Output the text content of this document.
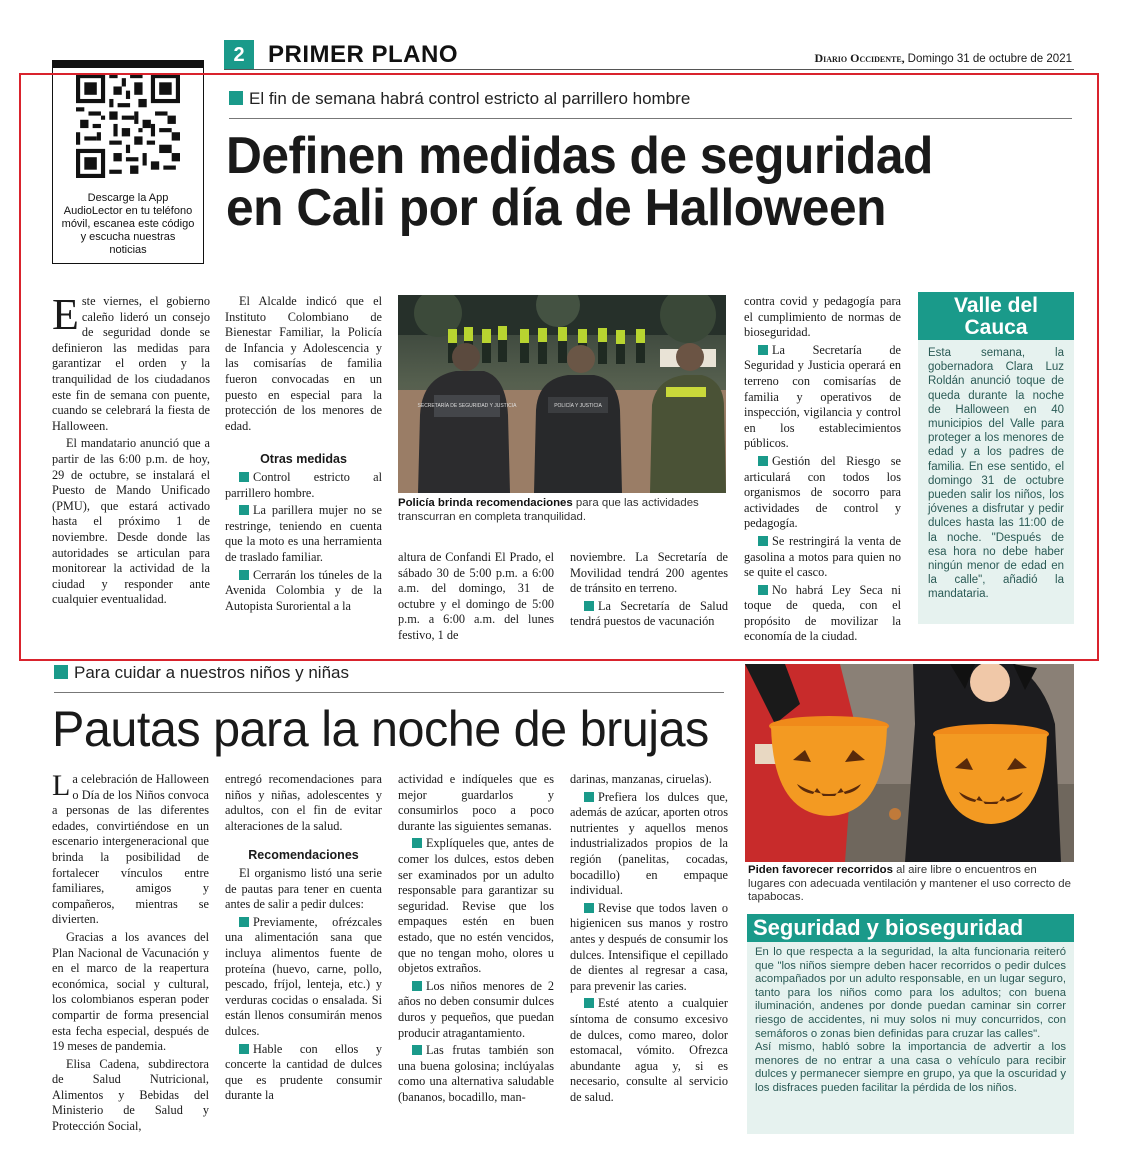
2 PRIMER PLANO	Diario Occidente, Domingo 31 de octubre de 2021
Descarge la App AudioLector en tu teléfono móvil, escanea este código y escucha nuestras noticias
El fin de semana habrá control estricto al parrillero hombre
Definen medidas de seguridad
en Cali por día de Halloween

Este viernes, el gobierno caleño lideró un consejo de seguridad donde se definieron las medidas para garantizar el orden y la tranquilidad de los ciudadanos este fin de semana con puente, cuando se celebrará la fiesta de Halloween.

El mandatario anunció que a partir de las 6:00 p.m. de hoy, 29 de octubre, se instalará el Puesto de Mando Unificado (PMU), que estará activado hasta el próximo 1 de noviembre. Desde donde las autoridades se articulan para monitorear la actividad de la ciudad y responder ante cualquier eventualidad.

El Alcalde indicó que el Instituto Colombiano de Bienestar Familiar, la Policía de Infancia y Adolescencia y las comisarías de familia fueron convocadas en un puesto en especial para la protección de los menores de edad.

Otras medidas

Control estricto al parrillero hombre.

La parillera mujer no se restringe, teniendo en cuenta que la moto es una herramienta de traslado familiar.

Cerrarán los túneles de la Avenida Colombia y de la Autopista Suroriental a la

SECRETARÍA DE SEGURIDAD Y JUSTICIA	POLICÍA Y JUSTICIA
Policía brinda recomendaciones para que las actividades transcurran en completa tranquilidad.

altura de Confandi El Prado, el sábado 30 de 5:00 p.m. a 6:00 a.m. del domingo, 31 de octubre y el domingo de 5:00 p.m. a 6:00 a.m. del lunes festivo, 1 de

noviembre. La Secretaría de Movilidad tendrá 200 agentes de tránsito en terreno.

La Secretaría de Salud tendrá puestos de vacunación

contra covid y pedagogía para el cumplimiento de normas de bioseguridad.

La Secretaría de Seguridad y Justicia operará en terreno con comisarías de familia y operativos de inspección, vigilancia y control en los establecimientos públicos.

Gestión del Riesgo se articulará con todos los organismos de socorro para actividades de control y pedagogía.

Se restringirá la venta de gasolina a motos para quien no se quite el casco.

No habrá Ley Seca ni toque de queda, con el propósito de movilizar la economía de la ciudad.

Valle del
Cauca
Esta semana, la gobernadora Clara Luz Roldán anunció toque de queda durante la noche de Halloween en 40 municipios del Valle para proteger a los menores de edad y a los padres de familia. En ese sentido, el domingo 31 de octubre pueden salir los niños, los jóvenes a disfrutar y pedir dulces hasta las 11:00 de la noche. "Después de esa hora no debe haber ningún menor de edad en la calle", añadió la mandataria.
Para cuidar a nuestros niños y niñas
Pautas para la noche de brujas

La celebración de Halloween o Día de los Niños convoca a personas de las diferentes edades, convirtiéndose en un escenario intergeneracional que brinda la posibilidad de fortalecer vínculos entre familiares, amigos y compañeros, mientras se divierten.

Gracias a los avances del Plan Nacional de Vacunación y en el marco de la reapertura económica, social y cultural, los colombianos esperan poder compartir de forma presencial esta fecha especial, después de 19 meses de pandemia.

Elisa Cadena, subdirectora de Salud Nutricional, Alimentos y Bebidas del Ministerio de Salud y Protección Social,

entregó recomendaciones para niños y niñas, adolescentes y adultos, con el fin de evitar alteraciones de la salud.

Recomendaciones

El organismo listó una serie de pautas para tener en cuenta antes de salir a pedir dulces:

Previamente, ofrézcales una alimentación sana que incluya alimentos fuente de proteína (huevo, carne, pollo, pescado, fríjol, lenteja, etc.) y verduras cocidas o ensalada. Si están llenos consumirán menos dulces.

Hable con ellos y concerte la cantidad de dulces que es prudente consumir durante la

actividad e indíqueles que es mejor guardarlos y consumirlos poco a poco durante las siguientes semanas.

Explíqueles que, antes de comer los dulces, estos deben ser examinados por un adulto responsable para garantizar su seguridad. Revise que los empaques estén en buen estado, que no estén vencidos, que no tengan moho, olores u objetos extraños.

Los niños menores de 2 años no deben consumir dulces duros y pequeños, que puedan producir atragantamiento.

Las frutas también son una buena golosina; inclúyalas como una alternativa saludable (bananos, bocadillo, man-

darinas, manzanas, ciruelas).

Prefiera los dulces que, además de azúcar, aporten otros nutrientes y aquellos menos industrializados propios de la región (panelitas, cocadas, bocadillo) en empaque individual.

Revise que todos laven o higienicen sus manos y rostro antes y después de consumir los dulces. Intensifique el cepillado de dientes al regresar a casa, para prevenir las caries.

Esté atento a cualquier síntoma de consumo excesivo de dulces, como mareo, dolor estomacal, vómito. Ofrezca abundante agua y, si es necesario, consulte al servicio de salud.

Piden favorecer recorridos al aire libre o encuentros en lugares con adecuada ventilación y mantener el uso correcto de tapabocas.
Seguridad y bioseguridad
En lo que respecta a la seguridad, la alta funcionaria reiteró que "los niños siempre deben hacer recorridos o pedir dulces acompañados por un adulto responsable, en un lugar seguro, tanto para los niños como para los adultos; con buena iluminación, andenes por donde puedan caminar sin correr riesgo de accidentes, ni muy solos ni muy concurridos, con semáforos o zonas bien definidas para cruzar las calles".
Así mismo, habló sobre la importancia de advertir a los menores de no entrar a una casa o vehículo para recibir dulces y permanecer siempre en grupo, ya que la oscuridad y los disfraces pueden facilitar la pérdida de los niños.
